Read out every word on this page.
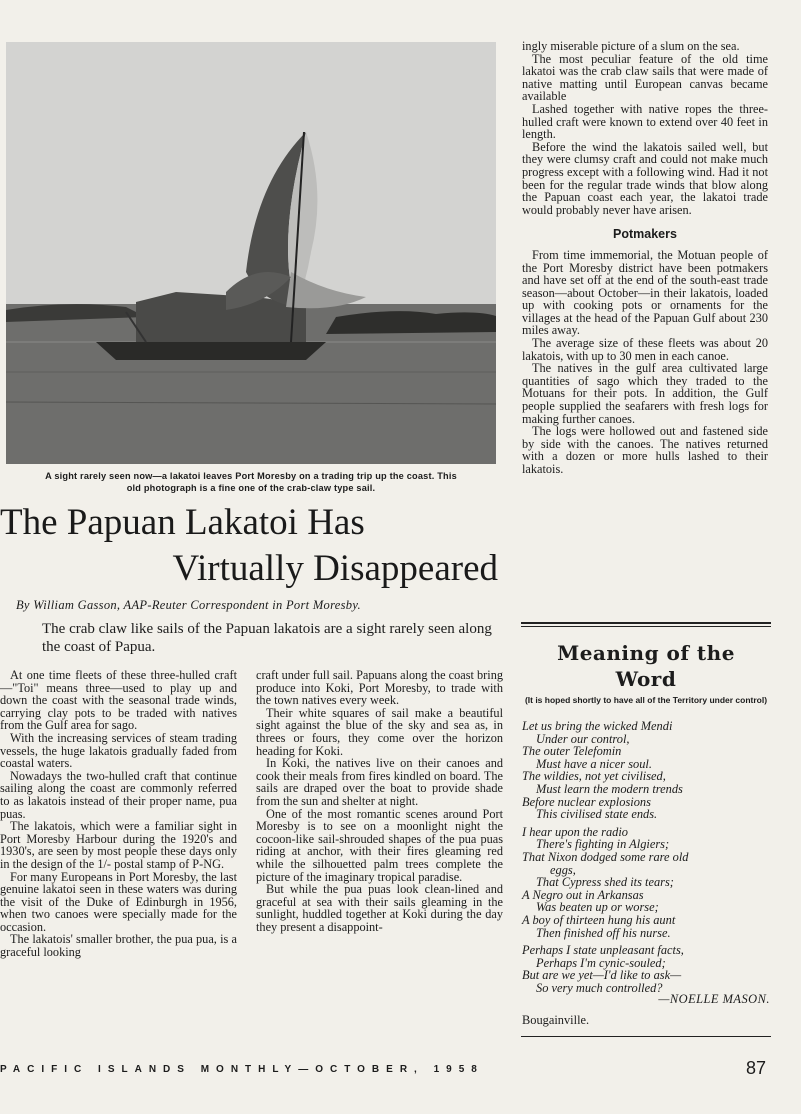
A sight rarely seen now—a lakatoi leaves Port Moresby on a trading trip up the coast. This
old photograph is a fine one of the crab-claw type sail.
The Papuan Lakatoi Has
Virtually Disappeared
By William Gasson, AAP-Reuter Correspondent in Port Moresby.
The crab claw like sails of the Papuan lakatois are a sight rarely seen along the coast of Papua.

At one time fleets of these three-hulled craft—"Toi" means three—used to play up and down the coast with the seasonal trade winds, carrying clay pots to be traded with natives from the Gulf area for sago.

With the increasing services of steam trading vessels, the huge lakatois gradually faded from coastal waters.

Nowadays the two-hulled craft that continue sailing along the coast are commonly referred to as lakatois instead of their proper name, pua puas.

The lakatois, which were a familiar sight in Port Moresby Harbour during the 1920's and 1930's, are seen by most people these days only in the design of the 1/- postal stamp of P-NG.

For many Europeans in Port Moresby, the last genuine lakatoi seen in these waters was during the visit of the Duke of Edinburgh in 1956, when two canoes were specially made for the occasion.

The lakatois' smaller brother, the pua pua, is a graceful looking

craft under full sail. Papuans along the coast bring produce into Koki, Port Moresby, to trade with the town natives every week.

Their white squares of sail make a beautiful sight against the blue of the sky and sea as, in threes or fours, they come over the horizon heading for Koki.

In Koki, the natives live on their canoes and cook their meals from fires kindled on board. The sails are draped over the boat to provide shade from the sun and shelter at night.

One of the most romantic scenes around Port Moresby is to see on a moonlight night the cocoon-like sail-shrouded shapes of the pua puas riding at anchor, with their fires gleaming red while the silhouetted palm trees complete the picture of the imaginary tropical paradise.

But while the pua puas look clean-lined and graceful at sea with their sails gleaming in the sunlight, huddled together at Koki during the day they present a disappoint-

ingly miserable picture of a slum on the sea.

The most peculiar feature of the old time lakatoi was the crab claw sails that were made of native matting until European canvas became available

Lashed together with native ropes the three-hulled craft were known to extend over 40 feet in length.

Before the wind the lakatois sailed well, but they were clumsy craft and could not make much progress except with a following wind. Had it not been for the regular trade winds that blow along the Papuan coast each year, the lakatoi trade would probably never have arisen.

Potmakers

From time immemorial, the Motuan people of the Port Moresby district have been potmakers and have set off at the end of the south-east trade season—about October—in their lakatois, loaded up with cooking pots or ornaments for the villages at the head of the Papuan Gulf about 230 miles away.

The average size of these fleets was about 20 lakatois, with up to 30 men in each canoe.

The natives in the gulf area cultivated large quantities of sago which they traded to the Motuans for their pots. In addition, the Gulf people supplied the seafarers with fresh logs for making further canoes.

The logs were hollowed out and fastened side by side with the canoes. The natives returned with a dozen or more hulls lashed to their lakatois.

Meaning of the
Word
(It is hoped shortly to have all of the Territory under control)
Let us bring the wicked Mendi
Under our control,
The outer Telefomin
Must have a nicer soul.
The wildies, not yet civilised,
Must learn the modern trends
Before nuclear explosions
This civilised state ends.
I hear upon the radio
There's fighting in Algiers;
That Nixon dodged some rare old
eggs,
That Cypress shed its tears;
A Negro out in Arkansas
Was beaten up or worse;
A boy of thirteen hung his aunt
Then finished off his nurse.
Perhaps I state unpleasant facts,
Perhaps I'm cynic-souled;
But are we yet—I'd like to ask—
So very much controlled?
—NOELLE MASON.
Bougainville.
PACIFIC ISLANDS MONTHLY—OCTOBER, 1958	87
